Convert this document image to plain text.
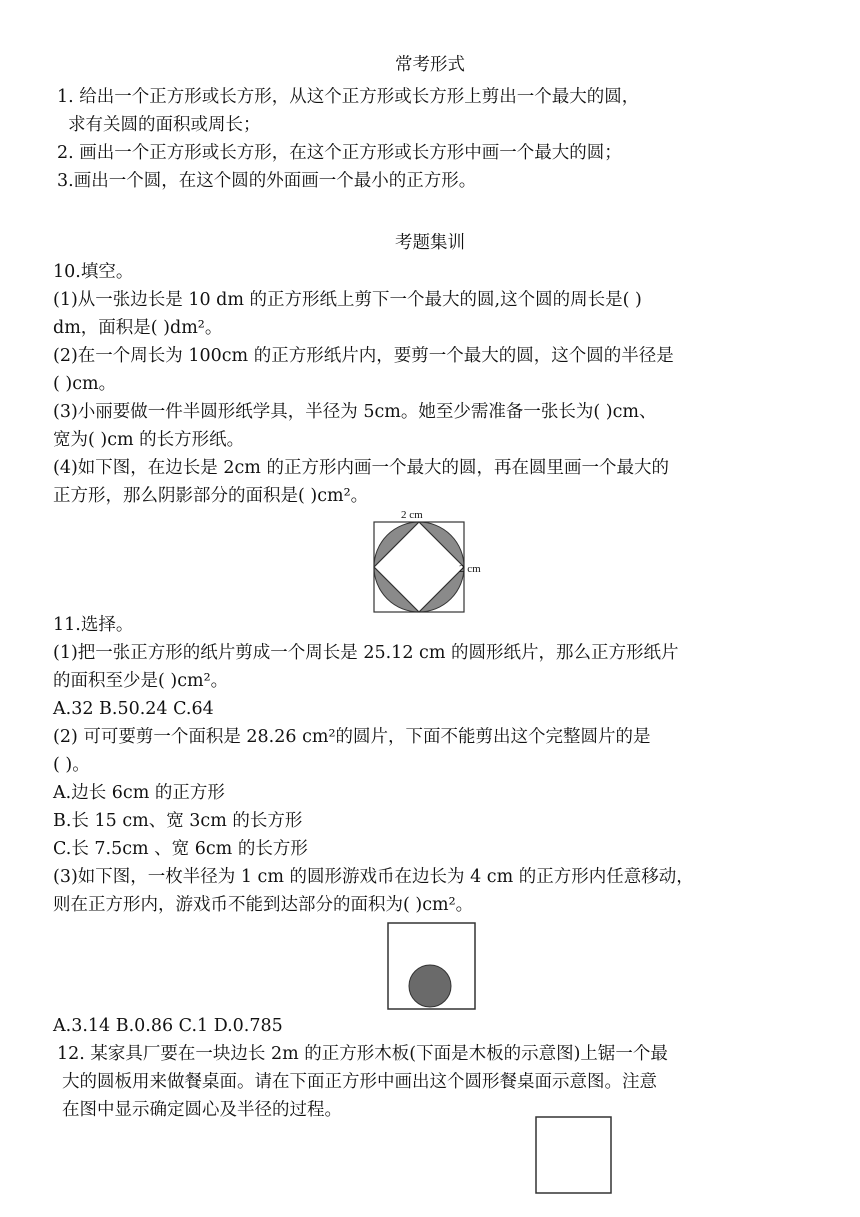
常考形式
1. 给出一个正方形或长方形，从这个正方形或长方形上剪出一个最大的圆，
求有关圆的面积或周长；
2. 画出一个正方形或长方形，在这个正方形或长方形中画一个最大的圆；
3.画出一个圆，在这个圆的外面画一个最小的正方形。
考题集训
10.填空。
(1)从一张边长是 10 dm 的正方形纸上剪下一个最大的圆,这个圆的周长是( )
dm，面积是( )dm²。
(2)在一个周长为 100cm 的正方形纸片内，要剪一个最大的圆，这个圆的半径是
( )cm。
(3)小丽要做一件半圆形纸学具，半径为 5cm。她至少需准备一张长为( )cm、
宽为( )cm 的长方形纸。
(4)如下图，在边长是 2cm 的正方形内画一个最大的圆，再在圆里画一个最大的
正方形，那么阴影部分的面积是( )cm²。
2 cm
2 cm
11.选择。
(1)把一张正方形的纸片剪成一个周长是 25.12 cm 的圆形纸片，那么正方形纸片
的面积至少是( )cm²。
A.32 B.50.24 C.64
(2) 可可要剪一个面积是 28.26 cm²的圆片，下面不能剪出这个完整圆片的是
( )。
A.边长 6cm 的正方形
B.长 15 cm、宽 3cm 的长方形
C.长 7.5cm 、宽 6cm 的长方形
(3)如下图，一枚半径为 1 cm 的圆形游戏币在边长为 4 cm 的正方形内任意移动，
则在正方形内，游戏币不能到达部分的面积为( )cm²。
A.3.14 B.0.86 C.1 D.0.785
12. 某家具厂要在一块边长 2m 的正方形木板(下面是木板的示意图)上锯一个最
大的圆板用来做餐桌面。请在下面正方形中画出这个圆形餐桌面示意图。注意
在图中显示确定圆心及半径的过程。
